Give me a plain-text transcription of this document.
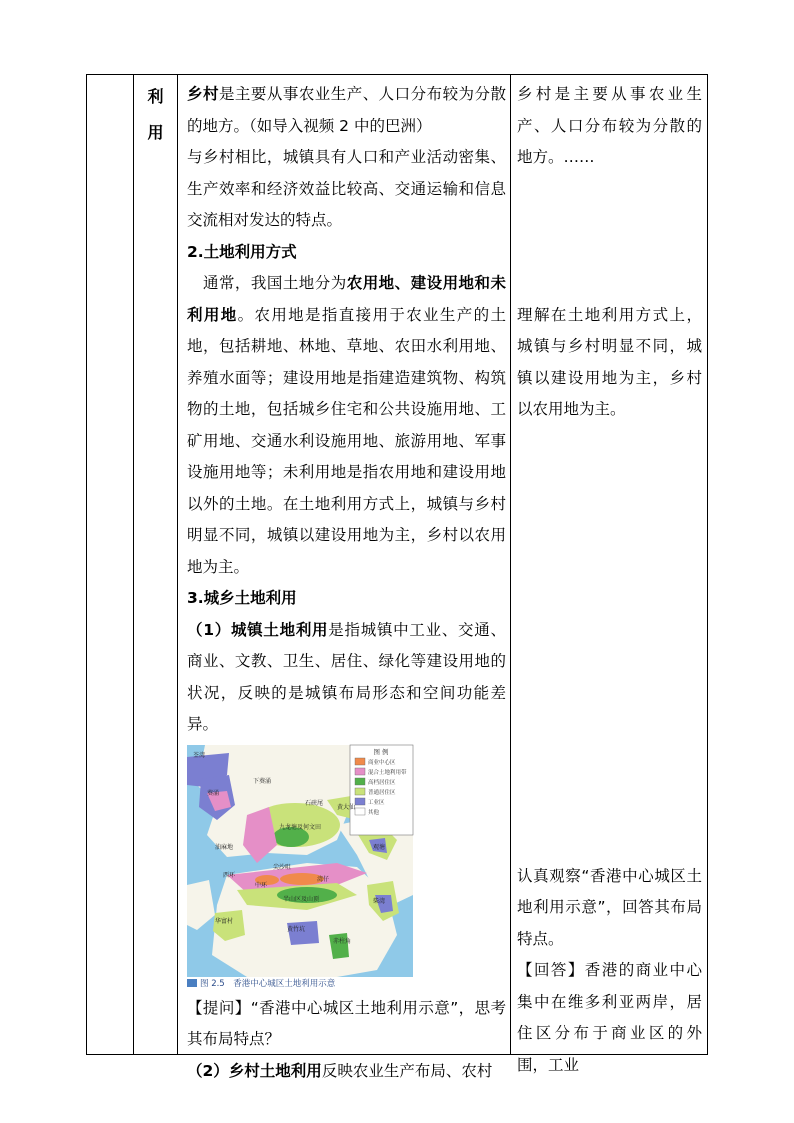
利
用

乡村是主要从事农业生产、人口分布较为分散的地方。（如导入视频 2 中的巴洲）

与乡村相比，城镇具有人口和产业活动密集、生产效率和经济效益比较高、交通运输和信息交流相对发达的特点。

2.土地利用方式

 通常，我国土地分为农用地、建设用地和未利用地。农用地是指直接用于农业生产的土地，包括耕地、林地、草地、农田水利用地、养殖水面等；建设用地是指建造建筑物、构筑物的土地，包括城乡住宅和公共设施用地、工矿用地、交通水利设施用地、旅游用地、军事设施用地等；未利用地是指农用地和建设用地以外的土地。在土地利用方式上，城镇与乡村明显不同，城镇以建设用地为主，乡村以农用地为主。

3.城乡土地利用

（1）城镇土地利用是指城镇中工业、交通、商业、文教、卫生、居住、绿化等建设用地的状况，反映的是城镇布局形态和空间功能差异。

图 例
商业中心区
混合土地利用带
高档居住区
普通居住区
工业区
其他
荃湾
葵涌
下葵涌
石硖尾
黄大仙
九龙塘及何文田
油麻地
尖沙咀
观塘
西环
中环
湾仔
半山区及山顶	柴湾
华富村
黄竹坑
赤柱角
图 2.5　香港中心城区土地利用示意

【提问】“香港中心城区土地利用示意”，思考其布局特点？

（2）乡村土地利用反映农业生产布局、农村

乡村是主要从事农业生产、人口分布较为分散的地方。……

理解在土地利用方式上，城镇与乡村明显不同，城镇以建设用地为主，乡村以农用地为主。

认真观察“香港中心城区土地利用示意”，回答其布局特点。

【回答】香港的商业中心集中在维多利亚两岸，居住区分布于商业区的外围，工业
